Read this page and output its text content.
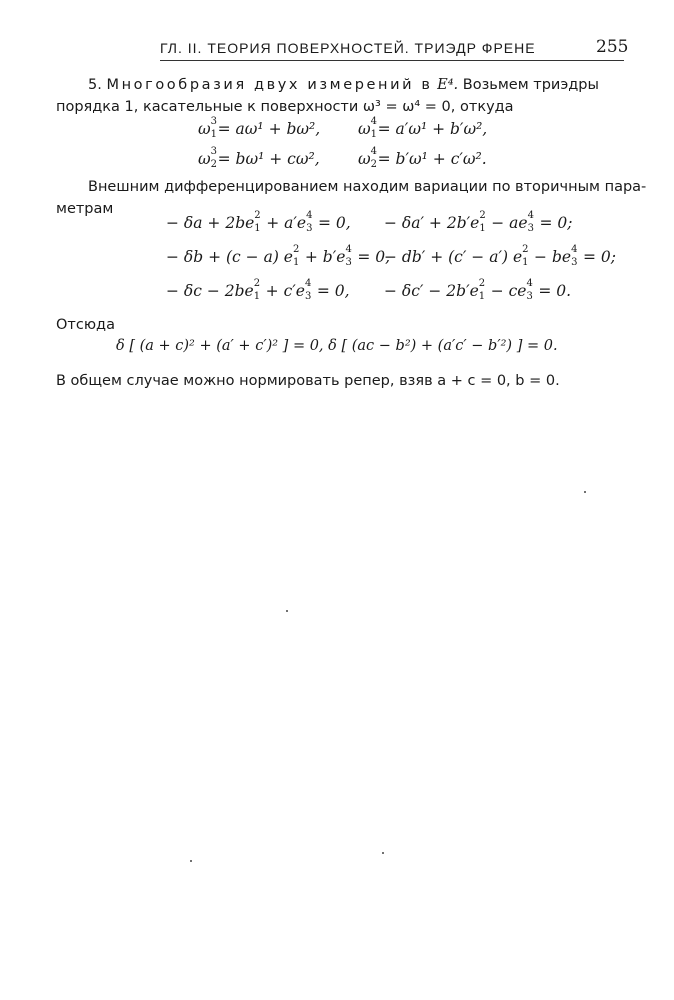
ГЛ. II. ТЕОРИЯ ПОВЕРХНОСТЕЙ. ТРИЭДР ФРЕНЕ	255
5. Многообразия двух измерений в E⁴. Возьмем триэдры
порядка 1, касательные к поверхности ω³ = ω⁴ = 0, откуда
ω 3
1 = aω¹ + bω², ω 4
1 = a′ω¹ + b′ω²,
ω 3
2 = bω¹ + cω², ω 4
2 = b′ω¹ + c′ω².
Внешним дифференцированием находим вариации по вторичным пара-
метрам
− δa + 2be 2
1 + a′e 4
3 = 0, − δa′ + 2b′e 2
1 − ae 4
3 = 0;
− δb + (c − a) e 2
1 + b′e 4
3 = 0,
− db′ + (c′ − a′) e 2
1 − be 4
3 = 0;
− δc − 2be 2
1 + c′e 4
3 = 0, − δc′ − 2b′e 2
1 − ce 4
3 = 0.
Отсюда
δ [ (a + c)² + (a′ + c′)² ] = 0, δ [ (ac − b²) + (a′c′ − b′²) ] = 0.
В общем случае можно нормировать репер, взяв a + c = 0, b = 0.
